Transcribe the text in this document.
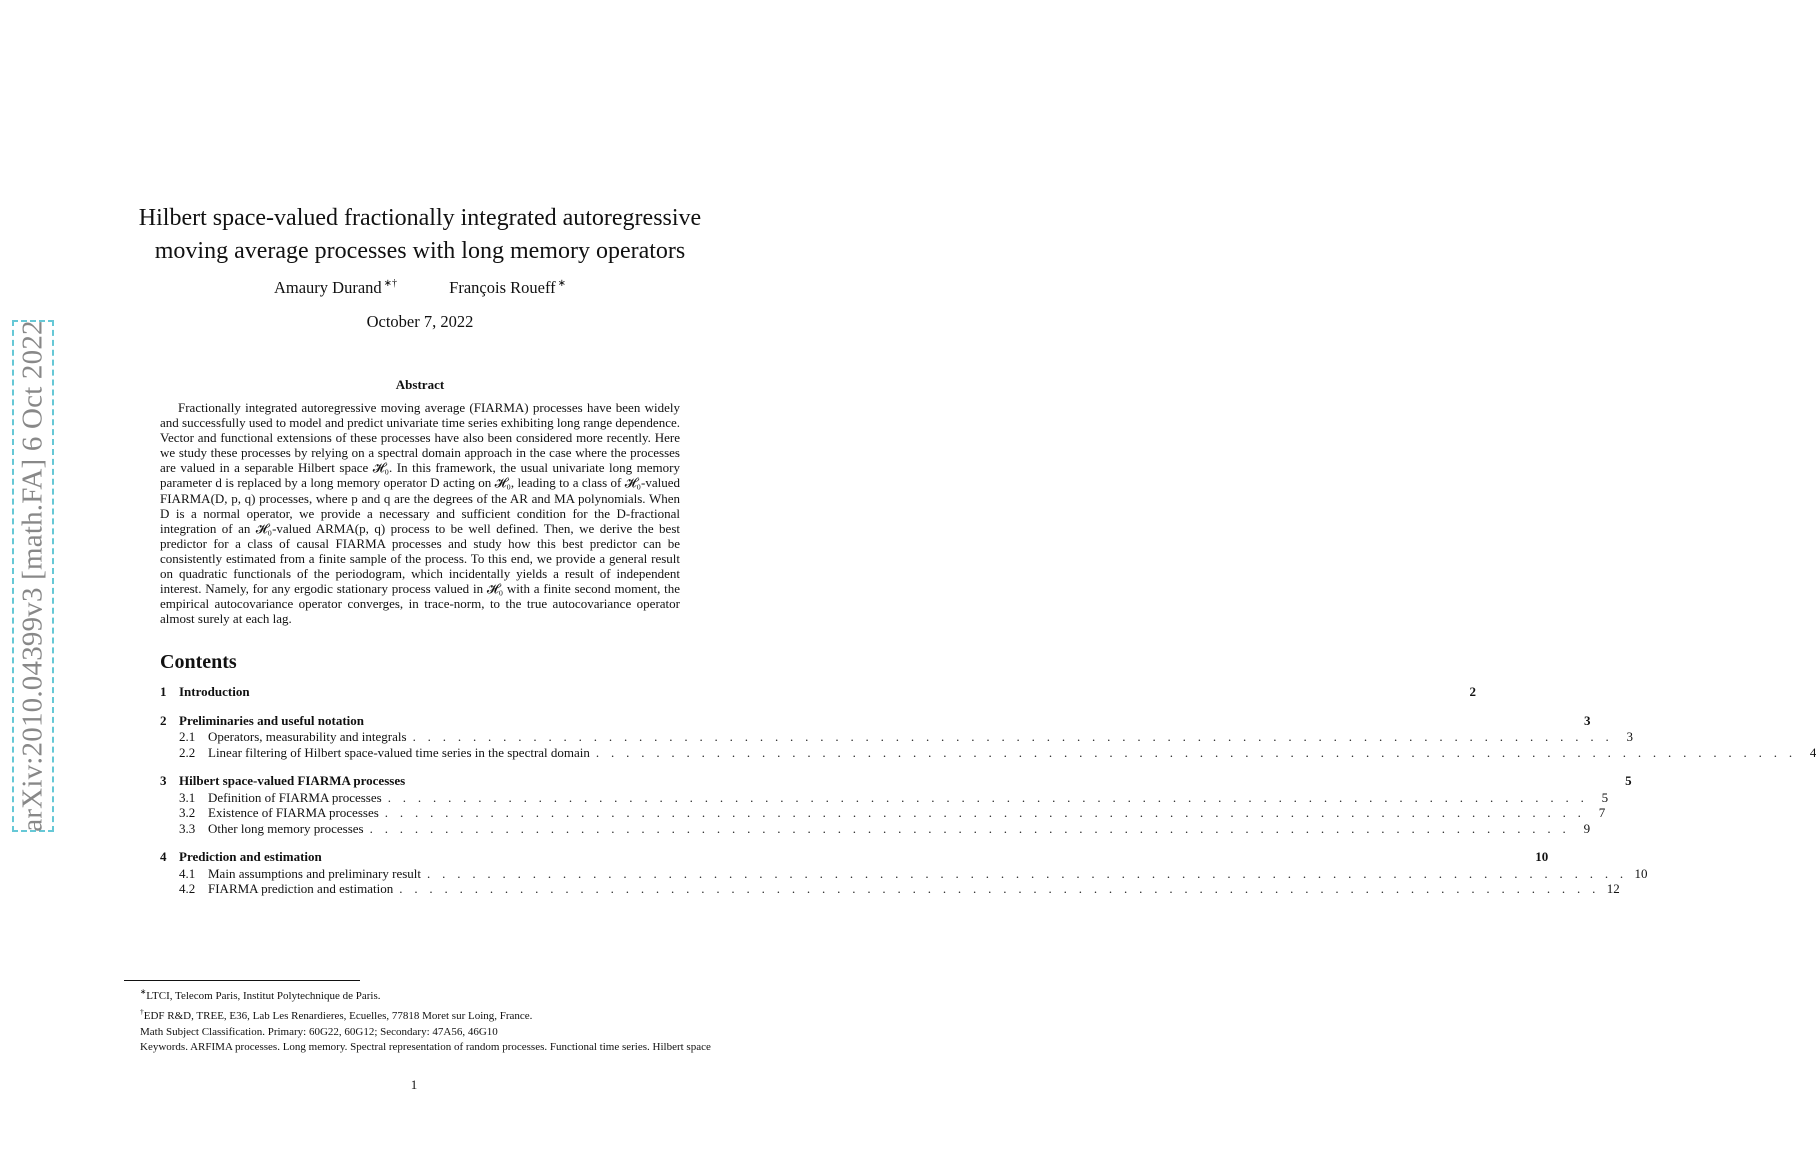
arXiv:2010.04399v3 [math.FA] 6 Oct 2022
Hilbert space-valued fractionally integrated autoregressive
moving average processes with long memory operators
Amaury Durand ∗†	François Roueff ∗
October 7, 2022
Abstract
Fractionally integrated autoregressive moving average (FIARMA) processes have been widely and successfully used to model and predict univariate time series exhibiting long range dependence. Vector and functional extensions of these processes have also been considered more recently. Here we study these processes by relying on a spectral domain approach in the case where the processes are valued in a separable Hilbert space 𝓗₀. In this framework, the usual univariate long memory parameter d is replaced by a long memory operator D acting on 𝓗₀, leading to a class of 𝓗₀-valued FIARMA(D, p, q) processes, where p and q are the degrees of the AR and MA polynomials. When D is a normal operator, we provide a necessary and sufficient condition for the D-fractional integration of an 𝓗₀-valued ARMA(p, q) process to be well defined. Then, we derive the best predictor for a class of causal FIARMA processes and study how this best predictor can be consistently estimated from a finite sample of the process. To this end, we provide a general result on quadratic functionals of the periodogram, which incidentally yields a result of independent interest. Namely, for any ergodic stationary process valued in 𝓗₀ with a finite second moment, the empirical autocovariance operator converges, in trace-norm, to the true autocovariance operator almost surely at each lag.
Contents
1 Introduction	2
2 Preliminaries and useful notation	3
2.1 Operators, measurability and integrals . . . . . . . . . . . . . . . . . . . . . . . . . . . . . . . . . . . . . . . . . . . . . . . . . . . . . . . . . . . . . . . . . . . . . . . . . . . . . . . .	3
2.2 Linear filtering of Hilbert space-valued time series in the spectral domain . . . . . . . . . . . . . . . . . . . . . . . . . . . . . . . . . . . . . . . . . . . . . . . . . . . . . . . . . . . . . . . . . . . . . . . . . . . . . . . .	4
3 Hilbert space-valued FIARMA processes	5
3.1 Definition of FIARMA processes . . . . . . . . . . . . . . . . . . . . . . . . . . . . . . . . . . . . . . . . . . . . . . . . . . . . . . . . . . . . . . . . . . . . . . . . . . . . . . . .	5
3.2 Existence of FIARMA processes . . . . . . . . . . . . . . . . . . . . . . . . . . . . . . . . . . . . . . . . . . . . . . . . . . . . . . . . . . . . . . . . . . . . . . . . . . . . . . . .	7
3.3 Other long memory processes . . . . . . . . . . . . . . . . . . . . . . . . . . . . . . . . . . . . . . . . . . . . . . . . . . . . . . . . . . . . . . . . . . . . . . . . . . . . . . . .	9
4 Prediction and estimation	10
4.1 Main assumptions and preliminary result . . . . . . . . . . . . . . . . . . . . . . . . . . . . . . . . . . . . . . . . . . . . . . . . . . . . . . . . . . . . . . . . . . . . . . . . . . . . . . . . 10
4.2 FIARMA prediction and estimation . . . . . . . . . . . . . . . . . . . . . . . . . . . . . . . . . . . . . . . . . . . . . . . . . . . . . . . . . . . . . . . . . . . . . . . . . . . . . . . . 12
∗LTCI, Telecom Paris, Institut Polytechnique de Paris.
†EDF R&D, TREE, E36, Lab Les Renardieres, Ecuelles, 77818 Moret sur Loing, France.
Math Subject Classification. Primary: 60G22, 60G12; Secondary: 47A56, 46G10
Keywords. ARFIMA processes. Long memory. Spectral representation of random processes. Functional time series. Hilbert space
1
